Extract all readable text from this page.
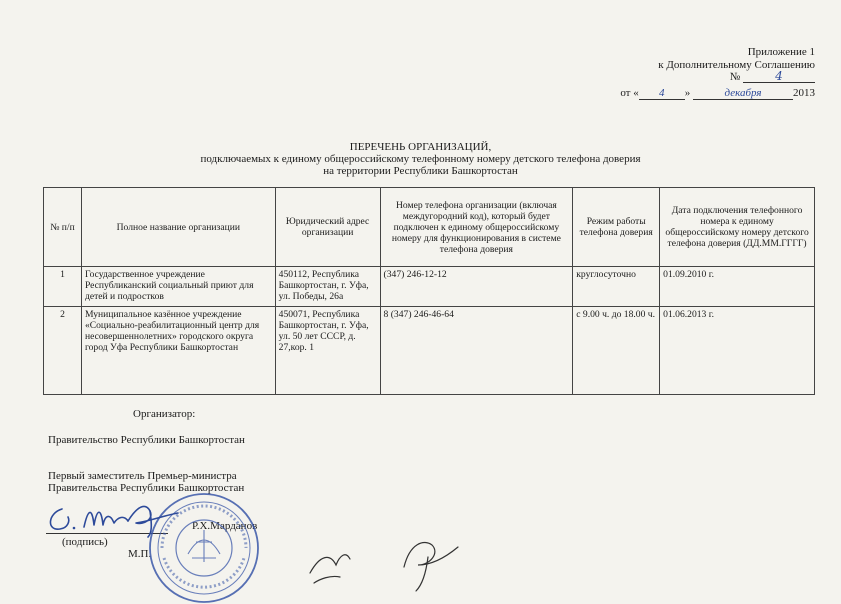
Приложение 1
к Дополнительному Соглашению
№	4
от « 4 »	декабря	2013
ПЕРЕЧЕНЬ ОРГАНИЗАЦИЙ,
подключаемых к единому общероссийскому телефонному номеру детского телефона доверия
на территории Республики Башкортостан
№ п/п	Полное название организации	Юридический адрес организации	Номер телефона организации (включая междугородний код), который будет подключен к единому общероссийскому номеру для функционирования в системе телефона доверия	Режим работы телефона доверия	Дата подключения телефонного номера к единому общероссийскому номеру детского телефона доверия (ДД.ММ.ГГГГ)
1	Государственное учреждение Республиканский социальный приют для детей и подростков	450112, Республика Башкортостан, г. Уфа, ул. Победы, 26а	(347) 246-12-12	круглосуточно	01.09.2010 г.
2	Муниципальное казённое учреждение «Социально-реабилитационный центр для несовершеннолетних» городского округа город Уфа Республики Башкортостан	450071, Республика Башкортостан, г. Уфа, ул. 50 лет СССР, д. 27,кор. 1	8 (347) 246-46-64	с 9.00 ч. до 18.00 ч.	01.06.2013 г.
Организатор:
Правительство Республики Башкортостан
Первый заместитель Премьер-министра
Правительства Республики Башкортостан
Р.Х.Марданов
(подпись)
М.П.
